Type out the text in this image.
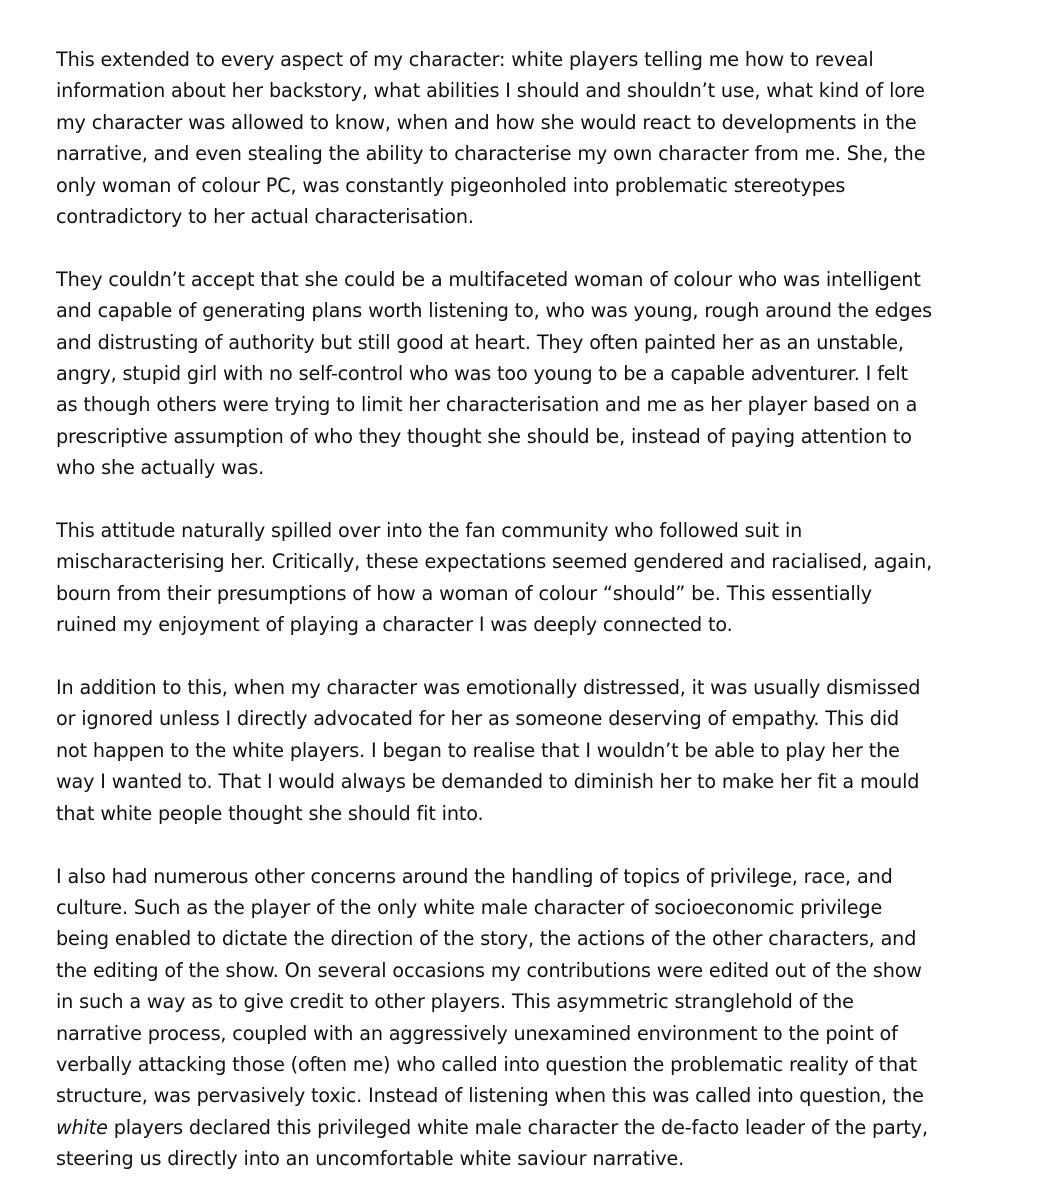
This extended to every aspect of my character: white players telling me how to reveal
information about her backstory, what abilities I should and shouldn’t use, what kind of lore
my character was allowed to know, when and how she would react to developments in the
narrative, and even stealing the ability to characterise my own character from me. She, the
only woman of colour PC, was constantly pigeonholed into problematic stereotypes
contradictory to her actual characterisation.

They couldn’t accept that she could be a multifaceted woman of colour who was intelligent
and capable of generating plans worth listening to, who was young, rough around the edges
and distrusting of authority but still good at heart. They often painted her as an unstable,
angry, stupid girl with no self-control who was too young to be a capable adventurer. I felt
as though others were trying to limit her characterisation and me as her player based on a
prescriptive assumption of who they thought she should be, instead of paying attention to
who she actually was.

This attitude naturally spilled over into the fan community who followed suit in
mischaracterising her. Critically, these expectations seemed gendered and racialised, again,
bourn from their presumptions of how a woman of colour “should” be. This essentially
ruined my enjoyment of playing a character I was deeply connected to.

In addition to this, when my character was emotionally distressed, it was usually dismissed
or ignored unless I directly advocated for her as someone deserving of empathy. This did
not happen to the white players. I began to realise that I wouldn’t be able to play her the
way I wanted to. That I would always be demanded to diminish her to make her fit a mould
that white people thought she should fit into.

I also had numerous other concerns around the handling of topics of privilege, race, and
culture. Such as the player of the only white male character of socioeconomic privilege
being enabled to dictate the direction of the story, the actions of the other characters, and
the editing of the show. On several occasions my contributions were edited out of the show
in such a way as to give credit to other players. This asymmetric stranglehold of the
narrative process, coupled with an aggressively unexamined environment to the point of
verbally attacking those (often me) who called into question the problematic reality of that
structure, was pervasively toxic. Instead of listening when this was called into question, the
white players declared this privileged white male character the de-facto leader of the party,
steering us directly into an uncomfortable white saviour narrative.
